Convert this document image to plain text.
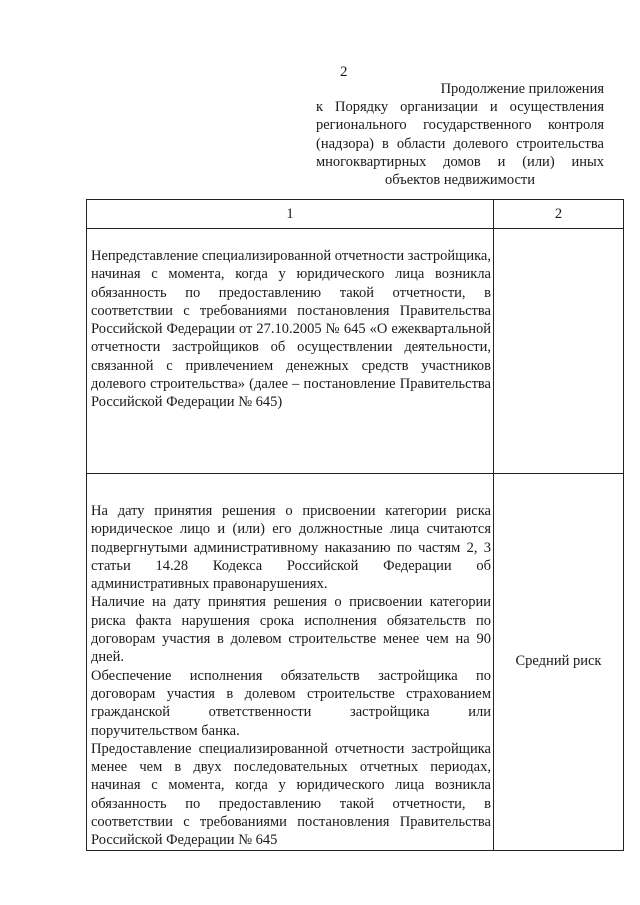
2
Продолжение приложения
к Порядку организации и осуществления
регионального государственного контроля
(надзора) в области долевого строительства
многоквартирных домов и (или) иных
объектов недвижимости
1	2

Непредставление специализированной отчетности застройщика, начиная с момента, когда у юридического лица возникла обязанность по предоставлению такой отчетности, в соответствии с требованиями постановления Правительства Российской Федерации от 27.10.2005 № 645 «О ежеквартальной отчетности застройщиков об осуществлении деятельности, связанной с привлечением денежных средств участников долевого строительства» (далее – постановление Правительства Российской Федерации № 645)	

На дату принятия решения о присвоении категории риска юридическое лицо и (или) его должностные лица считаются подвергнутыми административному наказанию по частям 2, 3 статьи 14.28 Кодекса Российской Федерации об административных правонарушениях.
Наличие на дату принятия решения о присвоении категории риска факта нарушения срока исполнения обязательств по договорам участия в долевом строительстве менее чем на 90 дней.
Обеспечение исполнения обязательств застройщика по договорам участия в долевом строительстве страхованием гражданской ответственности застройщика или поручительством банка.
Предоставление специализированной отчетности застройщика менее чем в двух последовательных отчетных периодах, начиная с момента, когда у юридического лица возникла обязанность по предоставлению такой отчетности, в соответствии с требованиями постановления Правительства Российской Федерации № 645	Средний риск
